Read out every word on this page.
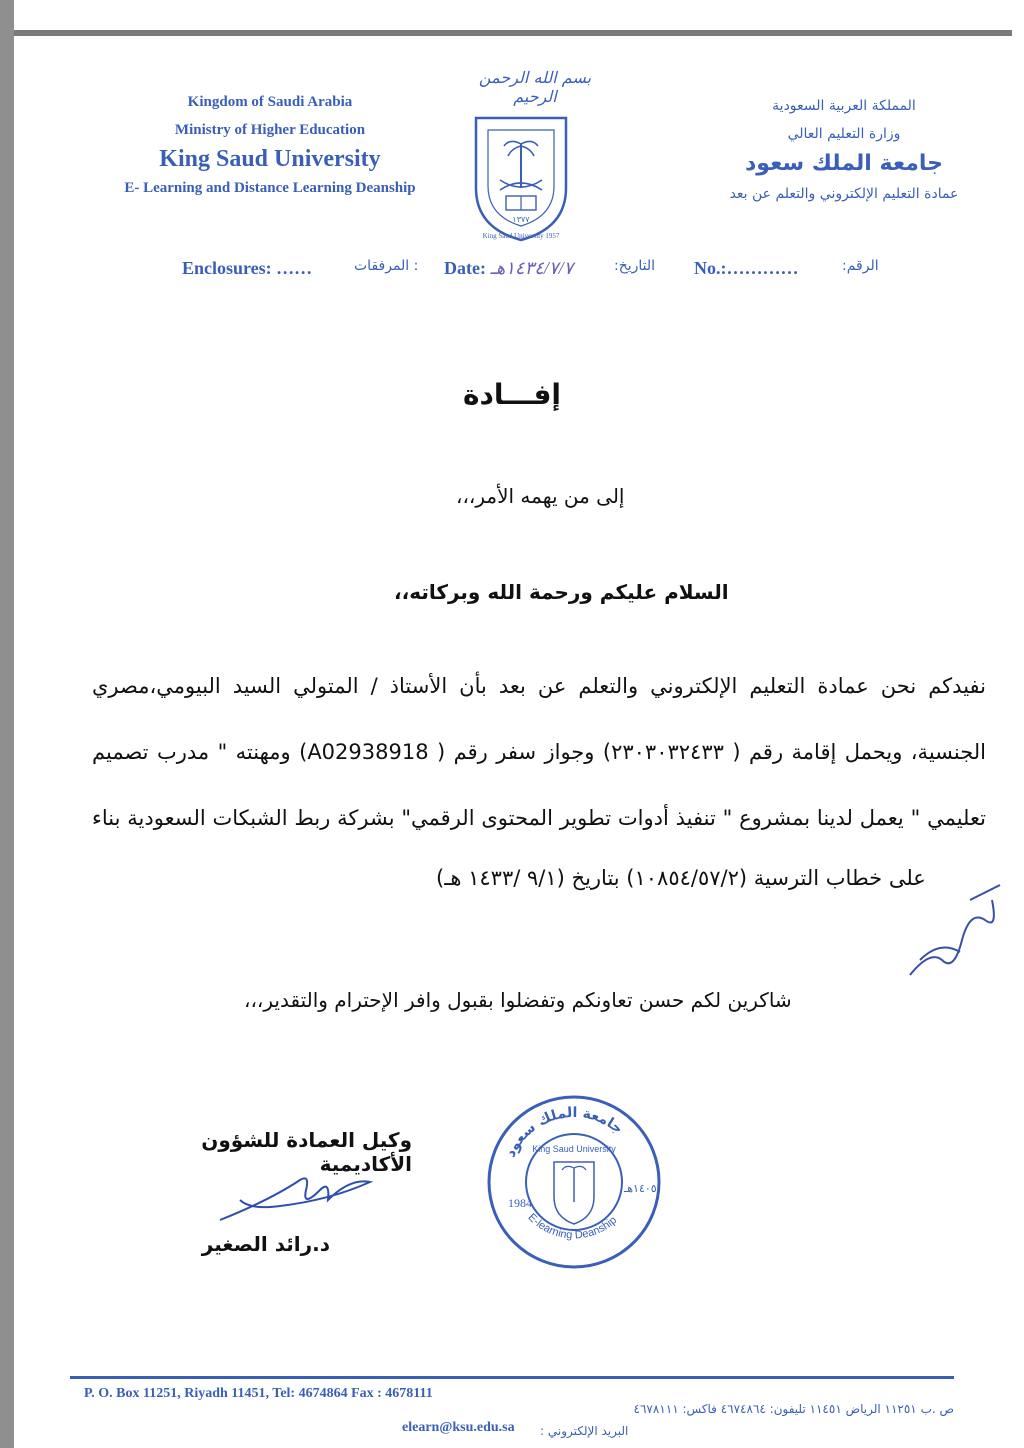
Kingdom of Saudi Arabia
Ministry of Higher Education
King Saud University
E- Learning and Distance Learning Deanship
المملكة العربية السعودية
وزارة التعليم العالي
جامعة الملك سعود
عمادة التعليم الإلكتروني والتعلم عن بعد
بسم الله الرحمن الرحيم
١٣٧٧
King Saud University 1957
Enclosures: ……	: المرفقات Date: ١٤٣٤/٧/٧هـ	التاريخ: No.:…………	الرقم:
إفـــادة
إلى من يهمه الأمر،،،
السلام عليكم ورحمة الله وبركاته،،
نفيدكم نحن عمادة التعليم الإلكتروني والتعلم عن بعد بأن الأستاذ / المتولي السيد البيومي،مصري
الجنسية، ويحمل إقامة رقم ( ٢٣٠٣٠٣٢٤٣٣) وجواز سفر رقم ( A02938918) ومهنته " مدرب تصميم
تعليمي " يعمل لدينا بمشروع " تنفيذ أدوات تطوير المحتوى الرقمي" بشركة ربط الشبكات السعودية بناء
على خطاب الترسية (١٠٨٥٤/٥٧/٢) بتاريخ (٩/١ /١٤٣٣ هـ)
شاكرين لكم حسن تعاونكم وتفضلوا بقبول وافر الإحترام والتقدير،،،
وكيل العمادة للشؤون الأكاديمية
د.رائد الصغير
جامعة الملك سعود
E-learning Deanship
King Saud University
1984
١٤٠٥هـ
P. O. Box 11251, Riyadh 11451, Tel: 4674864 Fax : 4678111
ص .ب ١١٢٥١ الرياض ١١٤٥١ تليفون: ٤٦٧٤٨٦٤ فاكس: ٤٦٧٨١١١
elearn@ksu.edu.sa البريد الإلكتروني :
